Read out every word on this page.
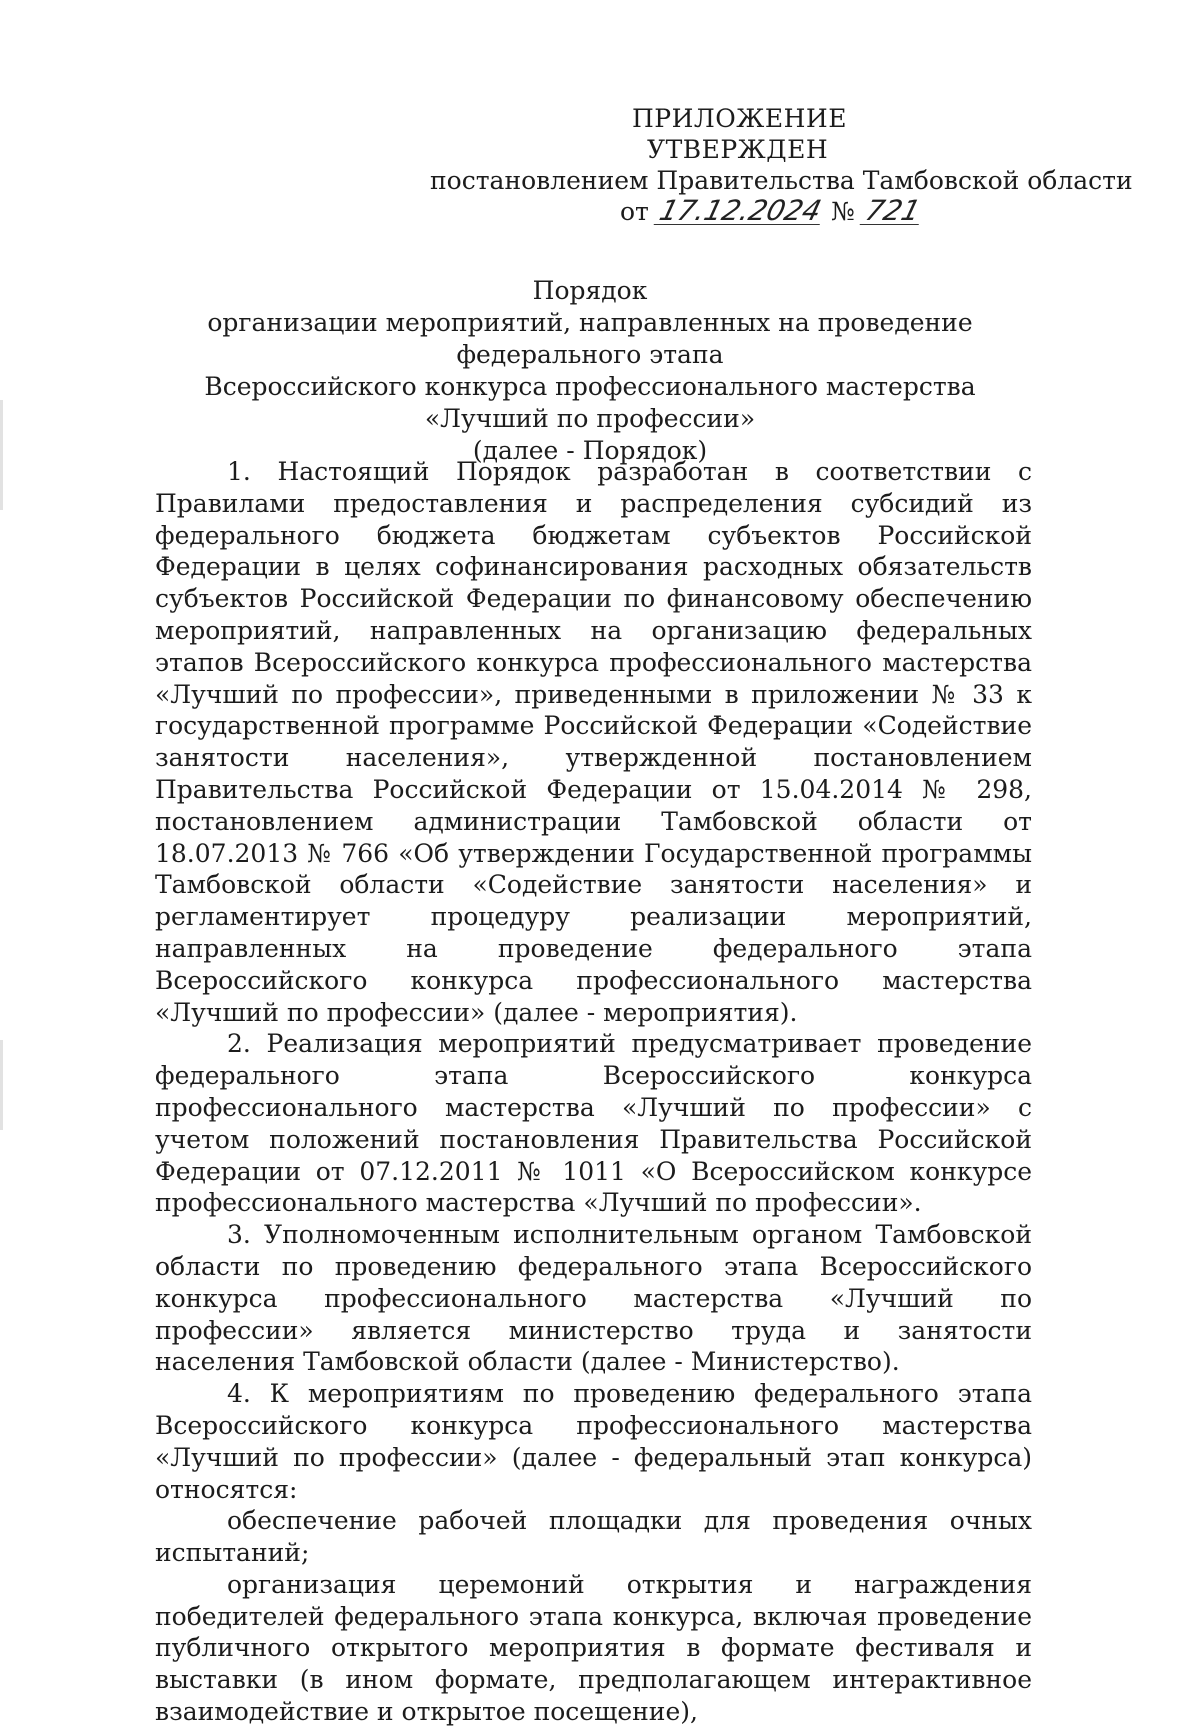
ПРИЛОЖЕНИЕ
УТВЕРЖДЕН
постановлением Правительства Тамбовской области
от 17.12.2024 № 721
Порядок
организации мероприятий, направленных на проведение федерального этапа
Всероссийского конкурса профессионального мастерства
«Лучший по профессии»
(далее - Порядок)

1. Настоящий Порядок разработан в соответствии с Правилами предоставления и распределения субсидий из федерального бюджета бюджетам субъектов Российской Федерации в целях софинансирования расходных обязательств субъектов Российской Федерации по финансовому обеспечению мероприятий, направленных на организацию федеральных этапов Всероссийского конкурса профессионального мастерства «Лучший по профессии», приведенными в приложении № 33 к государственной программе Российской Федерации «Содействие занятости населения», утвержденной постановлением Правительства Российской Федерации от 15.04.2014 № 298, постановлением администрации Тамбовской области от 18.07.2013 № 766 «Об утверждении Государственной программы Тамбовской области «Содействие занятости населения» и регламентирует процедуру реализации мероприятий, направленных на проведение федерального этапа Всероссийского конкурса профессионального мастерства «Лучший по профессии» (далее - мероприятия).

2. Реализация мероприятий предусматривает проведение федерального этапа Всероссийского конкурса профессионального мастерства «Лучший по профессии» с учетом положений постановления Правительства Российской Федерации от 07.12.2011 № 1011 «О Всероссийском конкурсе профессионального мастерства «Лучший по профессии».

3. Уполномоченным исполнительным органом Тамбовской области по проведению федерального этапа Всероссийского конкурса профессионального мастерства «Лучший по профессии» является министерство труда и занятости населения Тамбовской области (далее - Министерство).

4. К мероприятиям по проведению федерального этапа Всероссийского конкурса профессионального мастерства «Лучший по профессии» (далее - федеральный этап конкурса) относятся:

обеспечение рабочей площадки для проведения очных испытаний;

организация церемоний открытия и награждения победителей федерального этапа конкурса, включая проведение публичного открытого мероприятия в формате фестиваля и выставки (в ином формате, предполагающем интерактивное взаимодействие и открытое посещение),
